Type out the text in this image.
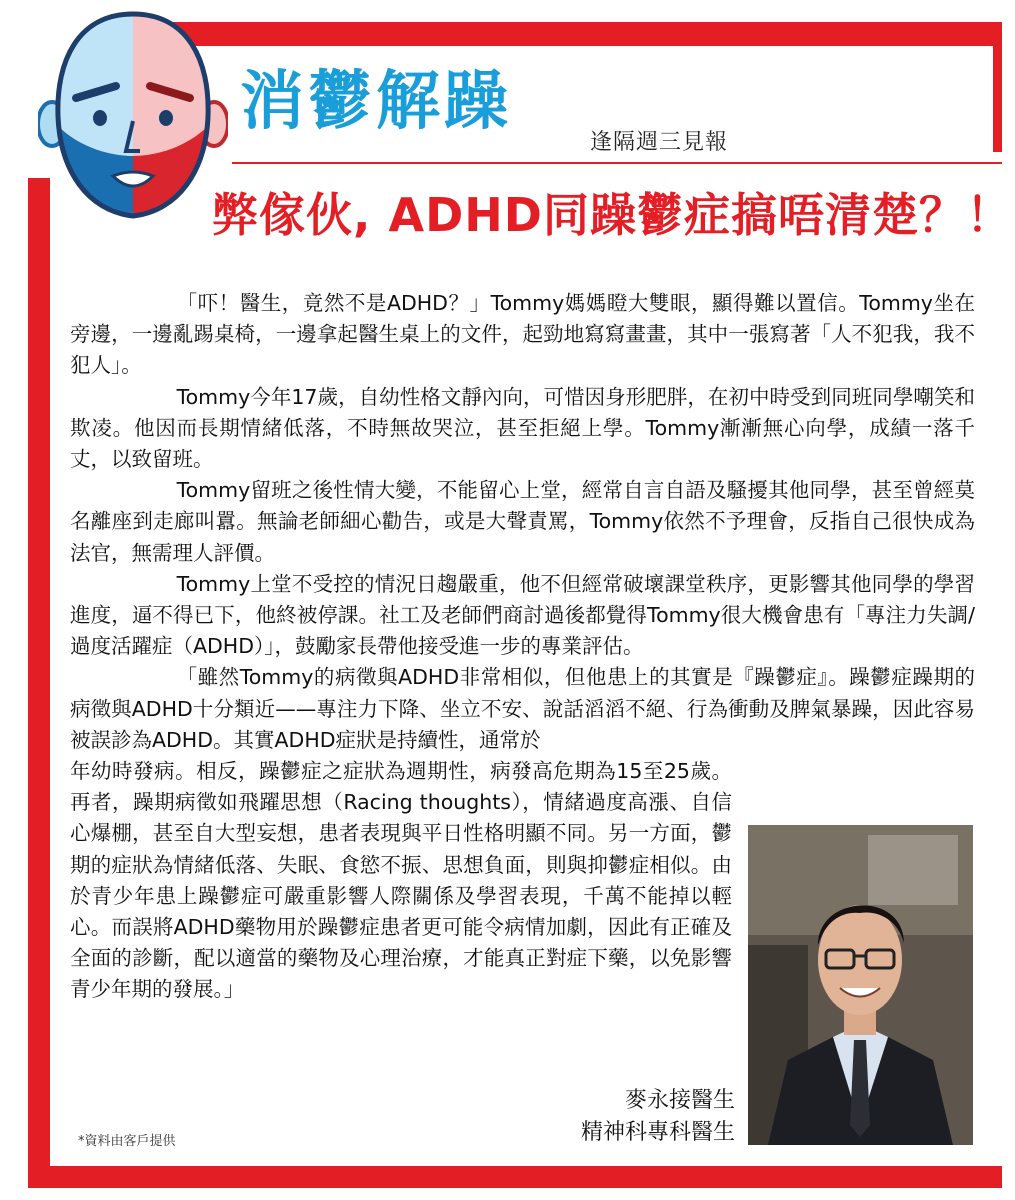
消鬱解躁
逢隔週三見報
弊傢伙, ADHD同躁鬱症搞唔清楚？！

「吓！醫生，竟然不是ADHD？」Tommy媽媽瞪大雙眼，顯得難以置信。Tommy坐在旁邊，一邊亂踢桌椅，一邊拿起醫生桌上的文件，起勁地寫寫畫畫，其中一張寫著「人不犯我，我不犯人」。

Tommy今年17歲，自幼性格文靜內向，可惜因身形肥胖，在初中時受到同班同學嘲笑和欺凌。他因而長期情緒低落，不時無故哭泣，甚至拒絕上學。Tommy漸漸無心向學，成績一落千丈，以致留班。

Tommy留班之後性情大變，不能留心上堂，經常自言自語及騷擾其他同學，甚至曾經莫名離座到走廊叫囂。無論老師細心勸告，或是大聲責罵，Tommy依然不予理會，反指自己很快成為法官，無需理人評價。

Tommy上堂不受控的情況日趨嚴重，他不但經常破壞課堂秩序，更影響其他同學的學習進度，逼不得已下，他終被停課。社工及老師們商討過後都覺得Tommy很大機會患有「專注力失調/過度活躍症（ADHD）」，鼓勵家長帶他接受進一步的專業評估。

「雖然Tommy的病徵與ADHD非常相似，但他患上的其實是『躁鬱症』。躁鬱症躁期的病徵與ADHD十分類近——專注力下降、坐立不安、說話滔滔不絕、行為衝動及脾氣暴躁，因此容易被誤診為ADHD。其實ADHD症狀是持續性，通常於

年幼時發病。相反，躁鬱症之症狀為週期性，病發高危期為15至25歲。再者，躁期病徵如飛躍思想（Racing thoughts），情緒過度高漲、自信心爆棚，甚至自大型妄想，患者表現與平日性格明顯不同。另一方面，鬱期的症狀為情緒低落、失眠、食慾不振、思想負面，則與抑鬱症相似。由於青少年患上躁鬱症可嚴重影響人際關係及學習表現，千萬不能掉以輕心。而誤將ADHD藥物用於躁鬱症患者更可能令病情加劇，因此有正確及全面的診斷，配以適當的藥物及心理治療，才能真正對症下藥，以免影響青少年期的發展。」

麥永接醫生
精神科專科醫生
*資料由客戶提供
